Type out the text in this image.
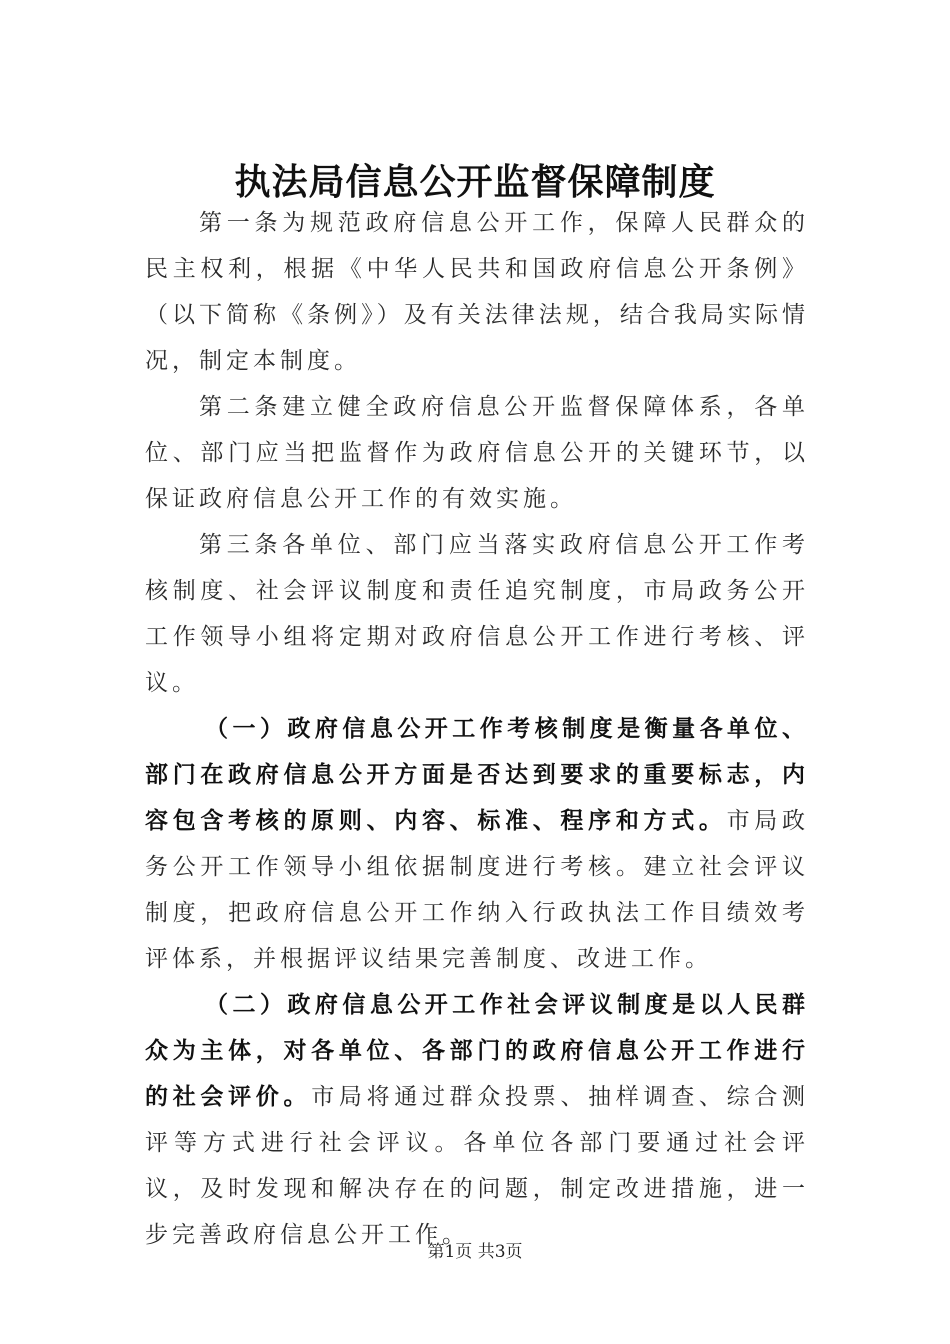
执法局信息公开监督保障制度

第一条为规范政府信息公开工作，保障人民群众的民主权利，根据《中华人民共和国政府信息公开条例》（以下简称《条例》）及有关法律法规，结合我局实际情况，制定本制度。

第二条建立健全政府信息公开监督保障体系，各单位、部门应当把监督作为政府信息公开的关键环节，以保证政府信息公开工作的有效实施。

第三条各单位、部门应当落实政府信息公开工作考核制度、社会评议制度和责任追究制度，市局政务公开工作领导小组将定期对政府信息公开工作进行考核、评议。

（一）政府信息公开工作考核制度是衡量各单位、部门在政府信息公开方面是否达到要求的重要标志，内容包含考核的原则、内容、标准、程序和方式。市局政务公开工作领导小组依据制度进行考核。建立社会评议制度，把政府信息公开工作纳入行政执法工作目绩效考评体系，并根据评议结果完善制度、改进工作。

（二）政府信息公开工作社会评议制度是以人民群众为主体，对各单位、各部门的政府信息公开工作进行的社会评价。市局将通过群众投票、抽样调查、综合测评等方式进行社会评议。各单位各部门要通过社会评议，及时发现和解决存在的问题，制定改进措施，进一步完善政府信息公开工作。

第1页 共3页
